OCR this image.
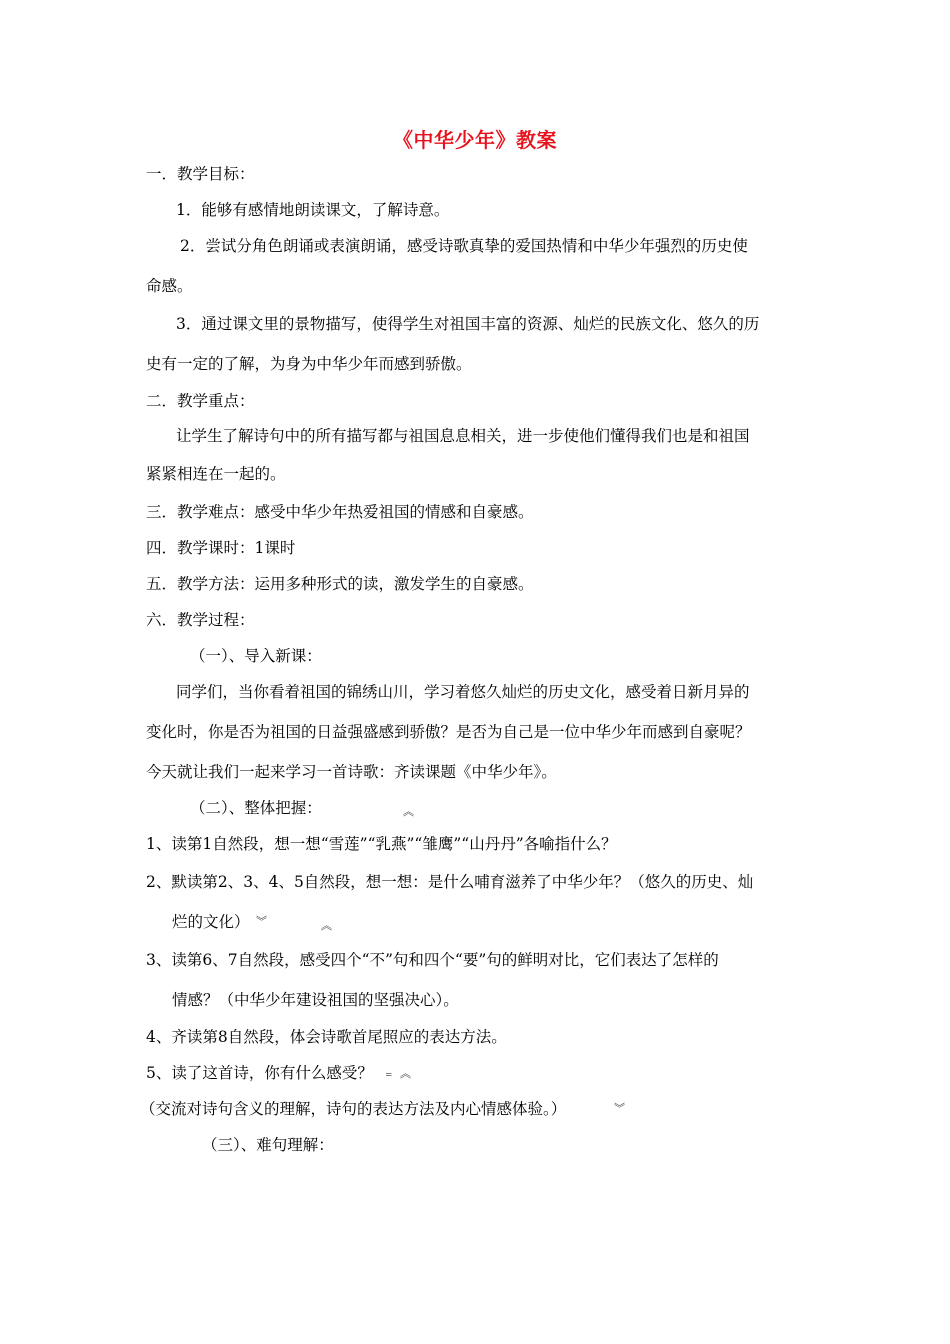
《中华少年》教案
一．教学目标：
1．能够有感情地朗读课文，了解诗意。
2．尝试分角色朗诵或表演朗诵，感受诗歌真挚的爱国热情和中华少年强烈的历史使
命感。
3．通过课文里的景物描写，使得学生对祖国丰富的资源、灿烂的民族文化、悠久的历
史有一定的了解，为身为中华少年而感到骄傲。
二．教学重点：
让学生了解诗句中的所有描写都与祖国息息相关，进一步使他们懂得我们也是和祖国
紧紧相连在一起的。
三．教学难点：感受中华少年热爱祖国的情感和自豪感。
四．教学课时：1课时
五．教学方法：运用多种形式的读，激发学生的自豪感。
六．教学过程：
（一）、导入新课：
同学们，当你看着祖国的锦绣山川，学习着悠久灿烂的历史文化，感受着日新月异的
变化时，你是否为祖国的日益强盛感到骄傲？是否为自己是一位中华少年而感到自豪呢？
今天就让我们一起来学习一首诗歌：齐读课题《中华少年》。
（二）、整体把握：	︽
1、读第1自然段，想一想“雪莲”“乳燕”“雏鹰”“山丹丹”各喻指什么？
2、默读第2、3、4、5自然段，想一想：是什么哺育滋养了中华少年？（悠久的历史、灿
烂的文化） ︾	︽
3、读第6、7自然段，感受四个“不”句和四个“要”句的鲜明对比，它们表达了怎样的
情感？（中华少年建设祖国的坚强决心）。
4、齐读第8自然段，体会诗歌首尾照应的表达方法。
5、读了这首诗，你有什么感受？ ‗ ︽
（交流对诗句含义的理解，诗句的表达方法及内心情感体验。）	︾
（三）、难句理解：
